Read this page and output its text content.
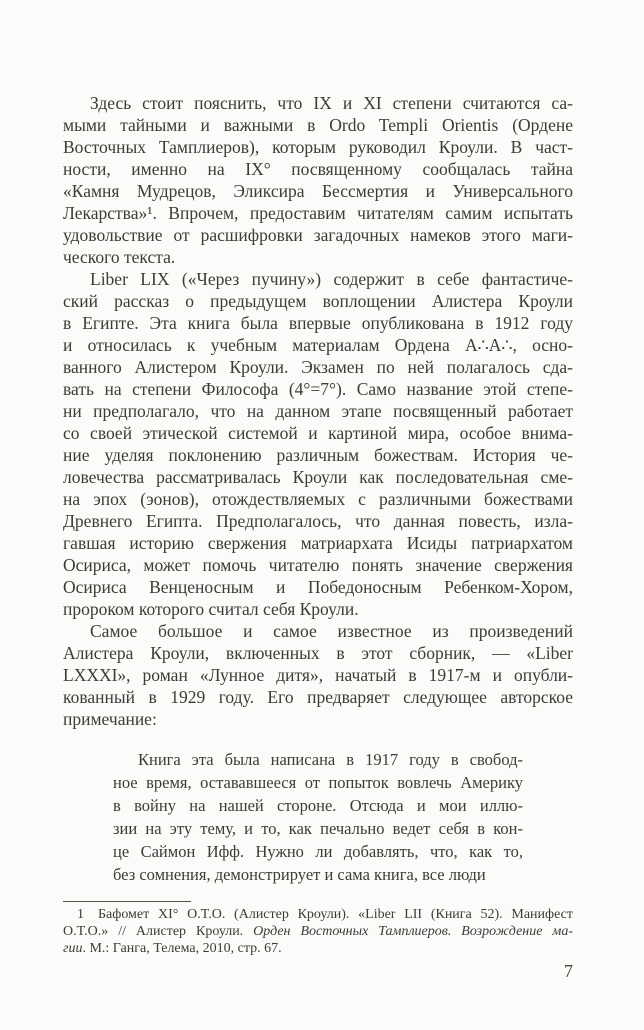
Здесь стоит пояснить, что IX и XI степени считаются са-
мыми тайными и важными в Ordo Templi Orientis (Ордене
Восточных Тамплиеров), которым руководил Кроули. В част-
ности, именно на IX° посвященному сообщалась тайна
«Камня Мудрецов, Эликсира Бессмертия и Универсального
Лекарства»¹. Впрочем, предоставим читателям самим испытать
удовольствие от расшифровки загадочных намеков этого маги-
ческого текста.
Liber LIX («Через пучину») содержит в себе фантастиче-
ский рассказ о предыдущем воплощении Алистера Кроули
в Египте. Эта книга была впервые опубликована в 1912 году
и относилась к учебным материалам Ордена А∴А∴, осно-
ванного Алистером Кроули. Экзамен по ней полагалось сда-
вать на степени Философа (4°=7°). Само название этой степе-
ни предполагало, что на данном этапе посвященный работает
со своей этической системой и картиной мира, особое внима-
ние уделяя поклонению различным божествам. История че-
ловечества рассматривалась Кроули как последовательная сме-
на эпох (эонов), отождествляемых с различными божествами
Древнего Египта. Предполагалось, что данная повесть, изла-
гавшая историю свержения матриархата Исиды патриархатом
Осириса, может помочь читателю понять значение свержения
Осириса Венценосным и Победоносным Ребенком-Хором,
пророком которого считал себя Кроули.
Самое большое и самое известное из произведений
Алистера Кроули, включенных в этот сборник, — «Liber
LXXXI», роман «Лунное дитя», начатый в 1917-м и опубли-
кованный в 1929 году. Его предваряет следующее авторское
примечание:
Книга эта была написана в 1917 году в свобод-
ное время, остававшееся от попыток вовлечь Америку
в войну на нашей стороне. Отсюда и мои иллю-
зии на эту тему, и то, как печально ведет себя в кон-
це Саймон Ифф. Нужно ли добавлять, что, как то,
без сомнения, демонстрирует и сама книга, все люди
1 Бафомет XI° O.T.O. (Алистер Кроули). «Liber LII (Книга 52). Манифест
O.T.O.» // Алистер Кроули. Орден Восточных Тамплиеров. Возрождение ма-
гии. М.: Ганга, Телема, 2010, стр. 67.
7
